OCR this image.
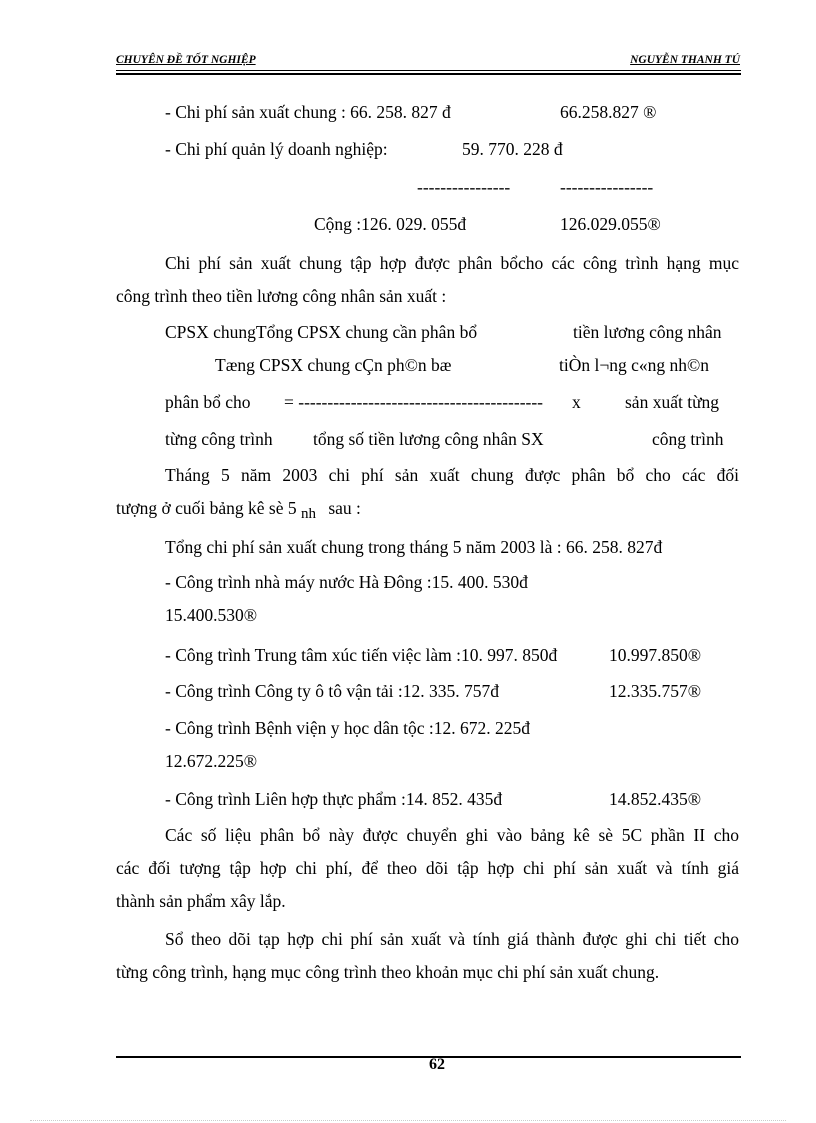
CHUYÊN ĐỀ TỐT NGHIỆP	NGUYỄN THANH TÚ
- Chi phí sản xuất chung : 66. 258. 827 đ	66.258.827 ®
- Chi phí quản lý doanh nghiệp:	59. 770. 228 đ
----------------	----------------
Cộng :126. 029. 055đ	126.029.055®
Chi phí sản xuất chung tập hợp được phân bổcho các công trình hạng mục
công trình theo tiền lương công nhân sản xuất :
CPSX chungTổng CPSX chung cần phân bổ	tiền lương công nhân
Tæng CPSX chung cÇn ph©n bæ	tiÒn l¬ng c«ng nh©n
phân bổ cho = ------------------------------------------ x	sản xuất từng
từng công trình tổng số tiền lương công nhân SX	công trình
Tháng 5 năm 2003 chi phí sản xuất chung được phân bổ cho các đối
tượng ở cuối bảng kê sè 5 $_{nh}$ sau :
Tổng chi phí sản xuất chung trong tháng 5 năm 2003 là : 66. 258. 827đ
- Công trình nhà máy nước Hà Đông :15. 400. 530đ
15.400.530®
- Công trình Trung tâm xúc tiến việc làm :10. 997. 850đ	10.997.850®
- Công trình Công ty ô tô vận tải :12. 335. 757đ	12.335.757®
- Công trình Bệnh viện y học dân tộc :12. 672. 225đ
12.672.225®
- Công trình Liên hợp thực phẩm :14. 852. 435đ	14.852.435®
Các số liệu phân bổ này được chuyển ghi vào bảng kê sè 5C phần II cho
các đối tượng tập hợp chi phí, để theo dõi tập hợp chi phí sản xuất và tính giá
thành sản phẩm xây lắp.
Sổ theo dõi tạp hợp chi phí sản xuất và tính giá thành được ghi chi tiết cho
từng công trình, hạng mục công trình theo khoản mục chi phí sản xuất chung.
62
